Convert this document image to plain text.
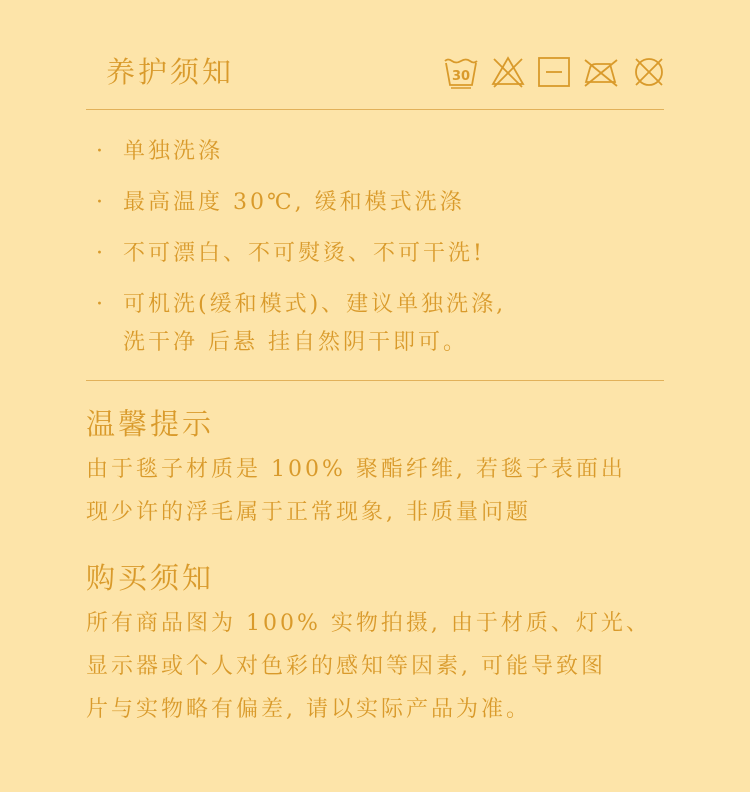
养护须知	30
· 单独洗涤
· 最高温度 30℃, 缓和模式洗涤
· 不可漂白、不可熨烫、不可干洗!
· 可机洗(缓和模式)、建议单独洗涤,
洗干净 后悬 挂自然阴干即可。
温馨提示
由于毯子材质是 100% 聚酯纤维, 若毯子表面出
现少许的浮毛属于正常现象, 非质量问题
购买须知
所有商品图为 100% 实物拍摄, 由于材质、灯光、
显示器或个人对色彩的感知等因素, 可能导致图
片与实物略有偏差, 请以实际产品为准。
